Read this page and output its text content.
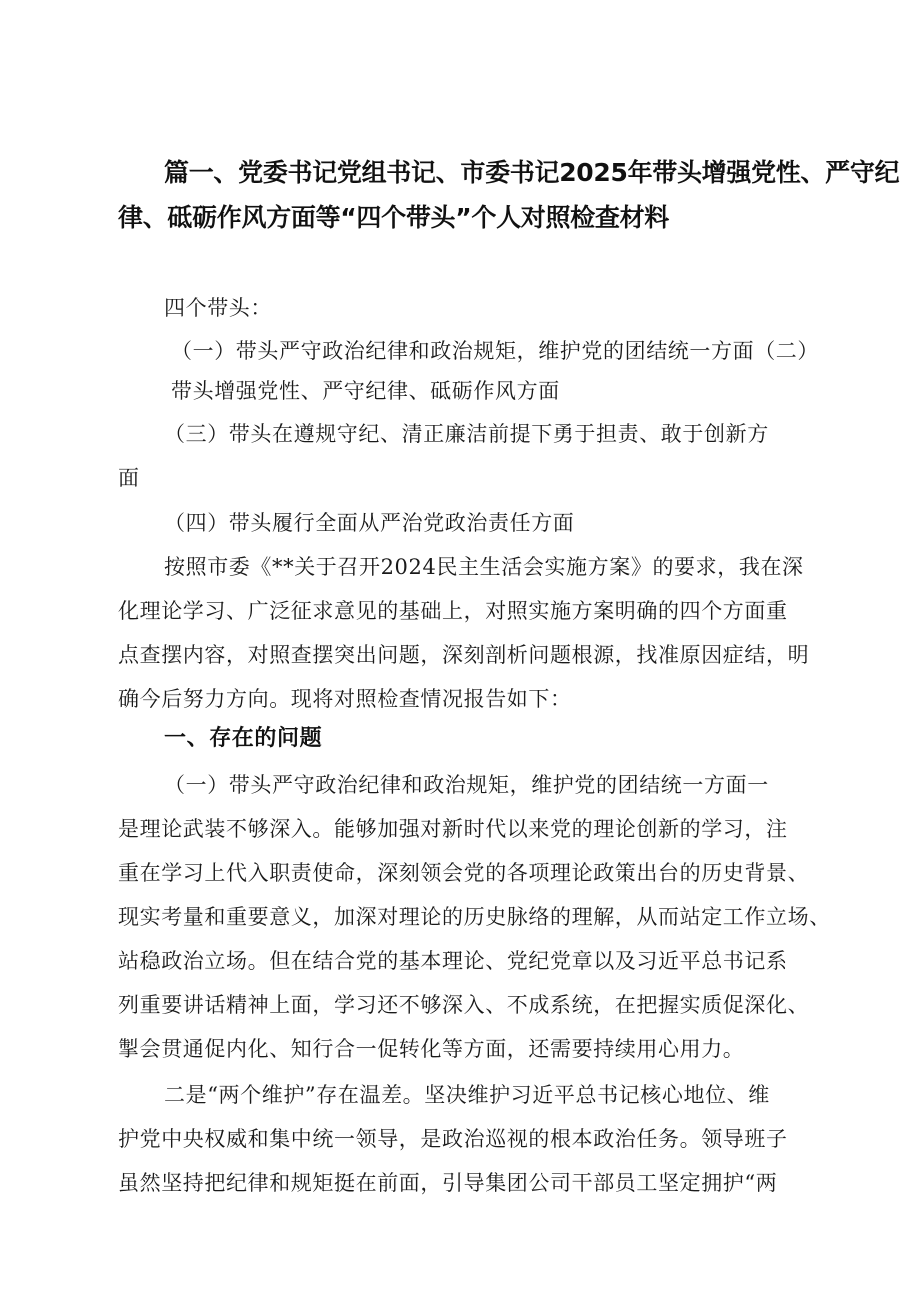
篇一、党委书记党组书记、市委书记2025年带头增强党性、严守纪
律、砥砺作风方面等“四个带头”个人对照检查材料
四个带头：
（一）带头严守政治纪律和政治规矩，维护党的团结统一方面（二）
带头增强党性、严守纪律、砥砺作风方面
（三）带头在遵规守纪、清正廉洁前提下勇于担责、敢于创新方
面
（四）带头履行全面从严治党政治责任方面
按照市委《**关于召开2024民主生活会实施方案》的要求，我在深
化理论学习、广泛征求意见的基础上，对照实施方案明确的四个方面重
点查摆内容，对照查摆突出问题，深刻剖析问题根源，找准原因症结，明
确今后努力方向。现将对照检查情况报告如下：
一、存在的问题
（一）带头严守政治纪律和政治规矩，维护党的团结统一方面一
是理论武装不够深入。能够加强对新时代以来党的理论创新的学习，注
重在学习上代入职责使命，深刻领会党的各项理论政策出台的历史背景、
现实考量和重要意义，加深对理论的历史脉络的理解，从而站定工作立场、
站稳政治立场。但在结合党的基本理论、党纪党章以及习近平总书记系
列重要讲话精神上面，学习还不够深入、不成系统，在把握实质促深化、
掣会贯通促内化、知行合一促转化等方面，还需要持续用心用力。
二是“两个维护”存在温差。坚决维护习近平总书记核心地位、维
护党中央权威和集中统一领导，是政治巡视的根本政治任务。领导班子
虽然坚持把纪律和规矩挺在前面，引导集团公司干部员工坚定拥护“两
